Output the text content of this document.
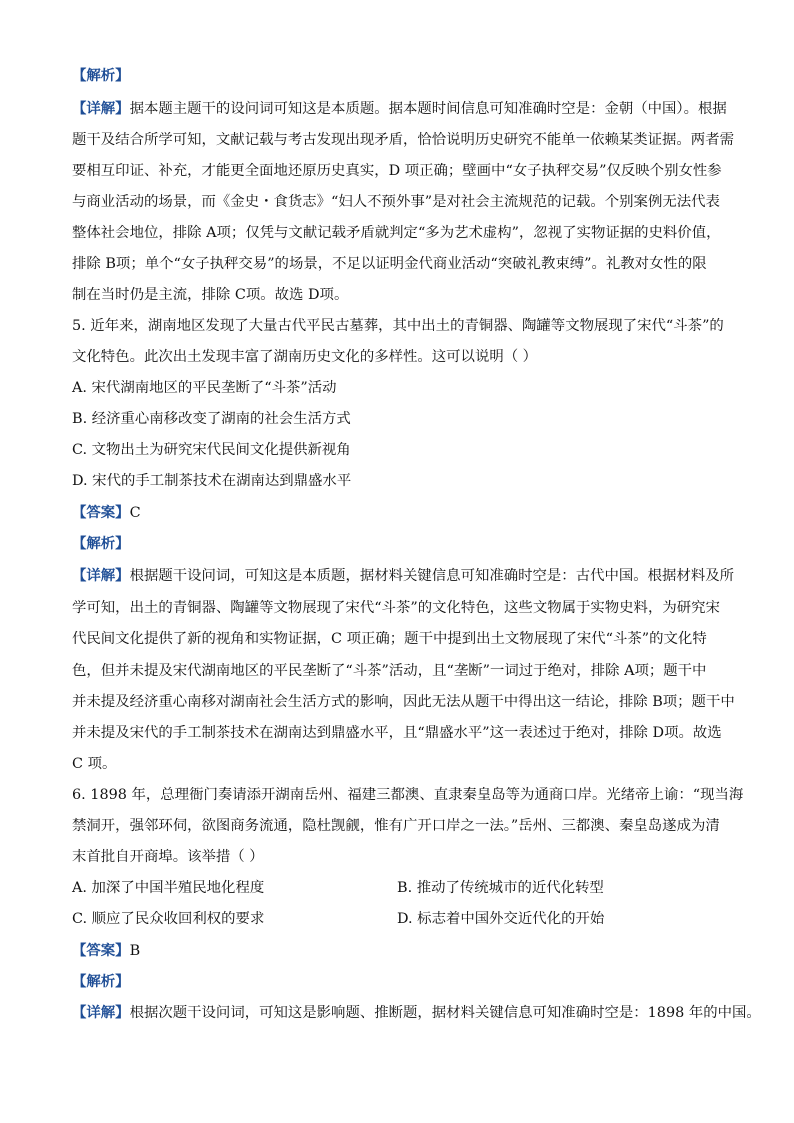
【解析】
【详解】据本题主题干的设问词可知这是本质题。据本题时间信息可知准确时空是：金朝（中国）。根据
题干及结合所学可知，文献记载与考古发现出现矛盾，恰恰说明历史研究不能单一依赖某类证据。两者需
要相互印证、补充，才能更全面地还原历史真实，D 项正确；壁画中“女子执秤交易”仅反映个别女性参
与商业活动的场景，而《金史・食货志》“妇人不预外事”是对社会主流规范的记载。个别案例无法代表
整体社会地位，排除 A项；仅凭与文献记载矛盾就判定“多为艺术虚构”，忽视了实物证据的史料价值，
排除 B项；单个“女子执秤交易”的场景，不足以证明金代商业活动“突破礼教束缚”。礼教对女性的限
制在当时仍是主流，排除 C项。故选 D项。
5. 近年来，湖南地区发现了大量古代平民古墓葬，其中出土的青铜器、陶罐等文物展现了宋代“斗茶”的
文化特色。此次出土发现丰富了湖南历史文化的多样性。这可以说明（ ）
A. 宋代湖南地区的平民垄断了“斗茶”活动
B. 经济重心南移改变了湖南的社会生活方式
C. 文物出土为研究宋代民间文化提供新视角
D. 宋代的手工制茶技术在湖南达到鼎盛水平
【答案】C
【解析】
【详解】根据题干设问词，可知这是本质题，据材料关键信息可知准确时空是：古代中国。根据材料及所
学可知，出土的青铜器、陶罐等文物展现了宋代“斗茶”的文化特色，这些文物属于实物史料，为研究宋
代民间文化提供了新的视角和实物证据，C 项正确；题干中提到出土文物展现了宋代“斗茶”的文化特
色，但并未提及宋代湖南地区的平民垄断了“斗茶”活动，且“垄断”一词过于绝对，排除 A项；题干中
并未提及经济重心南移对湖南社会生活方式的影响，因此无法从题干中得出这一结论，排除 B项；题干中
并未提及宋代的手工制茶技术在湖南达到鼎盛水平，且“鼎盛水平”这一表述过于绝对，排除 D项。故选
C 项。
6. 1898 年，总理衙门奏请添开湖南岳州、福建三都澳、直隶秦皇岛等为通商口岸。光绪帝上谕：“现当海
禁洞开，强邻环伺，欲图商务流通，隐杜觊觎，惟有广开口岸之一法。”岳州、三都澳、秦皇岛遂成为清
末首批自开商埠。该举措（ ）
A. 加深了中国半殖民地化程度	B. 推动了传统城市的近代化转型
C. 顺应了民众收回利权的要求	D. 标志着中国外交近代化的开始
【答案】B
【解析】
【详解】根据次题干设问词，可知这是影响题、推断题，据材料关键信息可知准确时空是：1898 年的中国。
